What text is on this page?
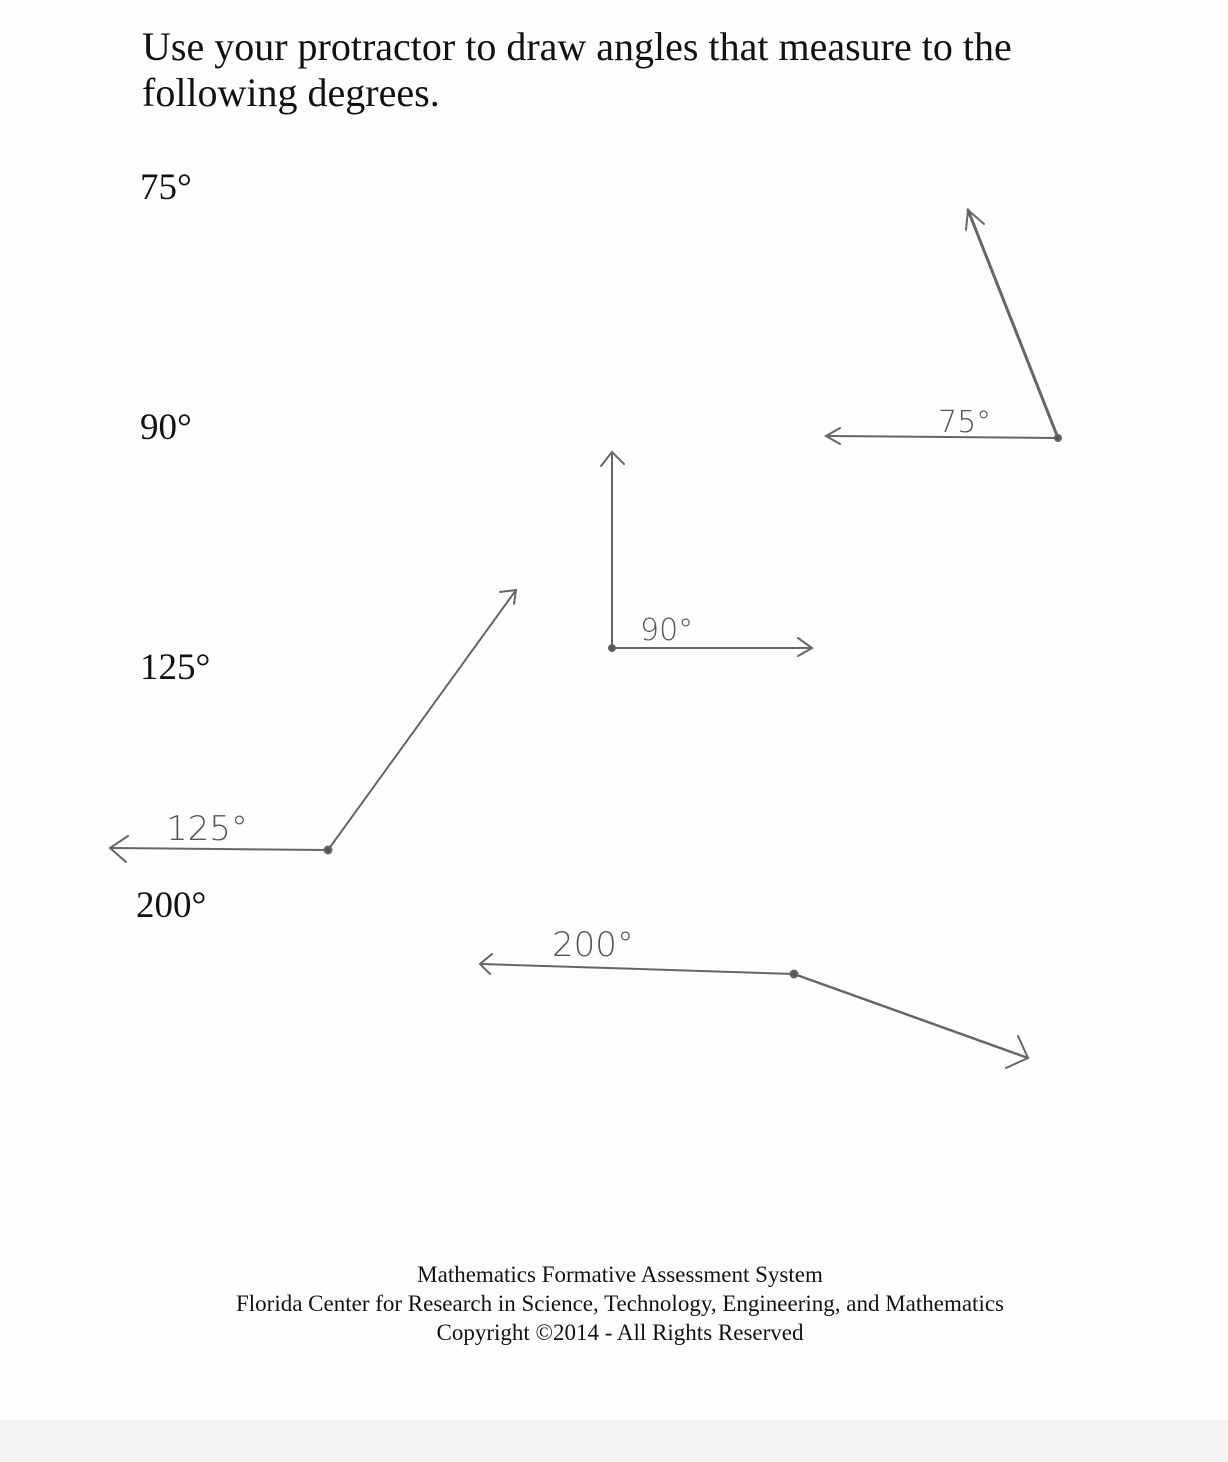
Use your protractor to draw angles that measure to the following degrees.
75°
90°
125°
200°
75°
90°
125°
200°
Mathematics Formative Assessment System
Florida Center for Research in Science, Technology, Engineering, and Mathematics
Copyright ©2014 - All Rights Reserved
